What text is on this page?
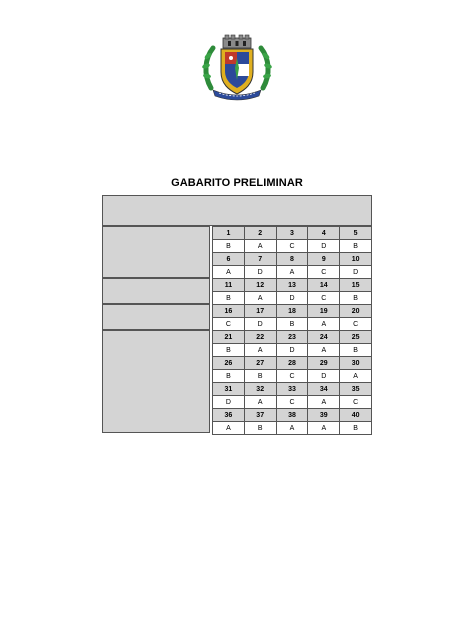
GABARITO PRELIMINAR
1	2	3	4	5
B	A	C	D	B
6	7	8	9	10
A	D	A	C	D
11	12	13	14	15
B	A	D	C	B
16	17	18	19	20
C	D	B	A	C
21	22	23	24	25
B	A	D	A	B
26	27	28	29	30
B	B	C	D	A
31	32	33	34	35
D	A	C	A	C
36	37	38	39	40
A	B	A	A	B
